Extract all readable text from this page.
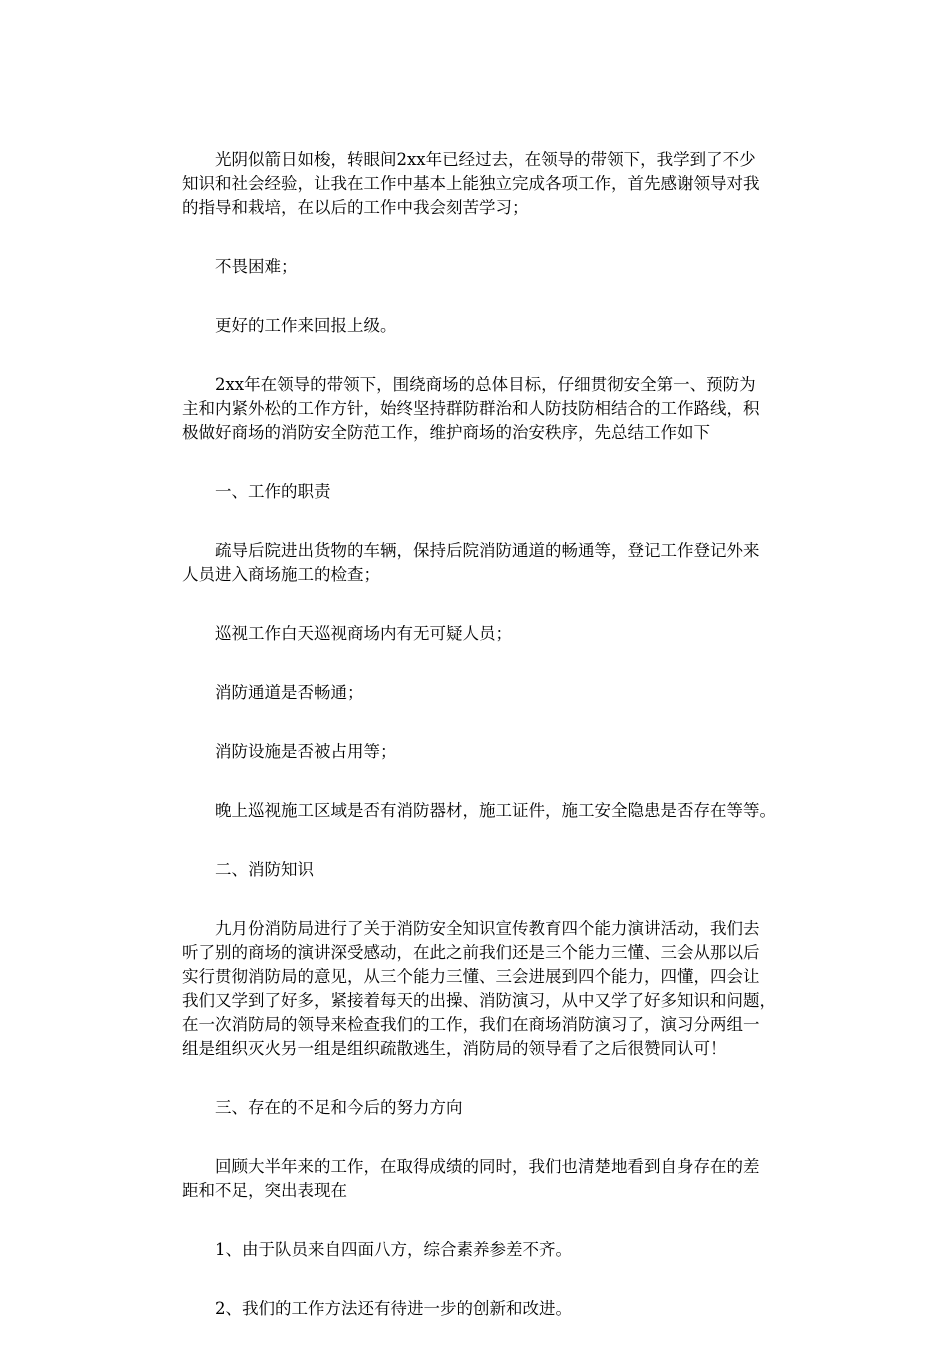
光阴似箭日如梭，转眼间2xx年已经过去，在领导的带领下，我学到了不少
知识和社会经验，让我在工作中基本上能独立完成各项工作，首先感谢领导对我
的指导和栽培，在以后的工作中我会刻苦学习；

不畏困难；

更好的工作来回报上级。

2xx年在领导的带领下，围绕商场的总体目标，仔细贯彻安全第一、预防为
主和内紧外松的工作方针，始终坚持群防群治和人防技防相结合的工作路线，积
极做好商场的消防安全防范工作，维护商场的治安秩序，先总结工作如下

一、工作的职责

疏导后院进出货物的车辆，保持后院消防通道的畅通等，登记工作登记外来
人员进入商场施工的检查；

巡视工作白天巡视商场内有无可疑人员；

消防通道是否畅通；

消防设施是否被占用等；

晚上巡视施工区域是否有消防器材，施工证件，施工安全隐患是否存在等等。

二、消防知识

九月份消防局进行了关于消防安全知识宣传教育四个能力演讲活动，我们去
听了别的商场的演讲深受感动，在此之前我们还是三个能力三懂、三会从那以后
实行贯彻消防局的意见，从三个能力三懂、三会进展到四个能力，四懂，四会让
我们又学到了好多，紧接着每天的出操、消防演习，从中又学了好多知识和问题，
在一次消防局的领导来检查我们的工作，我们在商场消防演习了，演习分两组一
组是组织灭火另一组是组织疏散逃生，消防局的领导看了之后很赞同认可！

三、存在的不足和今后的努力方向

回顾大半年来的工作，在取得成绩的同时，我们也清楚地看到自身存在的差
距和不足，突出表现在

1、由于队员来自四面八方，综合素养参差不齐。

2、我们的工作方法还有待进一步的创新和改进。
